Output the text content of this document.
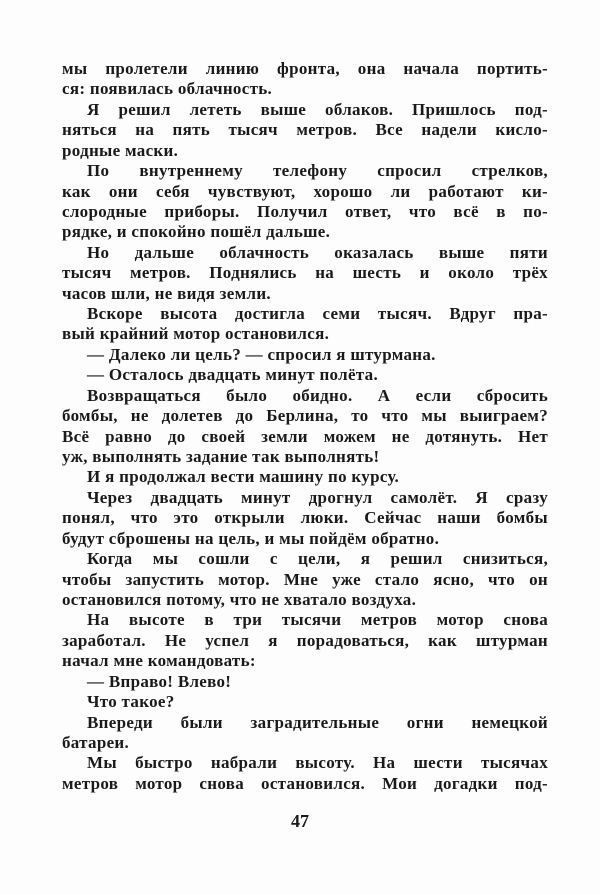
мы пролетели линию фронта, она начала портить-
ся: появилась облачность.
Я решил лететь выше облаков. Пришлось под-
няться на пять тысяч метров. Все надели кисло-
родные маски.
По внутреннему телефону спросил стрелков,
как они себя чувствуют, хорошо ли работают ки-
слородные приборы. Получил ответ, что всё в по-
рядке, и спокойно пошёл дальше.
Но дальше облачность оказалась выше пяти
тысяч метров. Поднялись на шесть и около трёх
часов шли, не видя земли.
Вскоре высота достигла семи тысяч. Вдруг пра-
вый крайний мотор остановился.
— Далеко ли цель? — спросил я штурмана.
— Осталось двадцать минут полёта.
Возвращаться было обидно. А если сбросить
бомбы, не долетев до Берлина, то что мы выиграем?
Всё равно до своей земли можем не дотянуть. Нет
уж, выполнять задание так выполнять!
И я продолжал вести машину по курсу.
Через двадцать минут дрогнул самолёт. Я сразу
понял, что это открыли люки. Сейчас наши бомбы
будут сброшены на цель, и мы пойдём обратно.
Когда мы сошли с цели, я решил снизиться,
чтобы запустить мотор. Мне уже стало ясно, что он
остановился потому, что не хватало воздуха.
На высоте в три тысячи метров мотор снова
заработал. Не успел я порадоваться, как штурман
начал мне командовать:
— Вправо! Влево!
Что такое?
Впереди были заградительные огни немецкой
батареи.
Мы быстро набрали высоту. На шести тысячах
метров мотор снова остановился. Мои догадки под-
47
